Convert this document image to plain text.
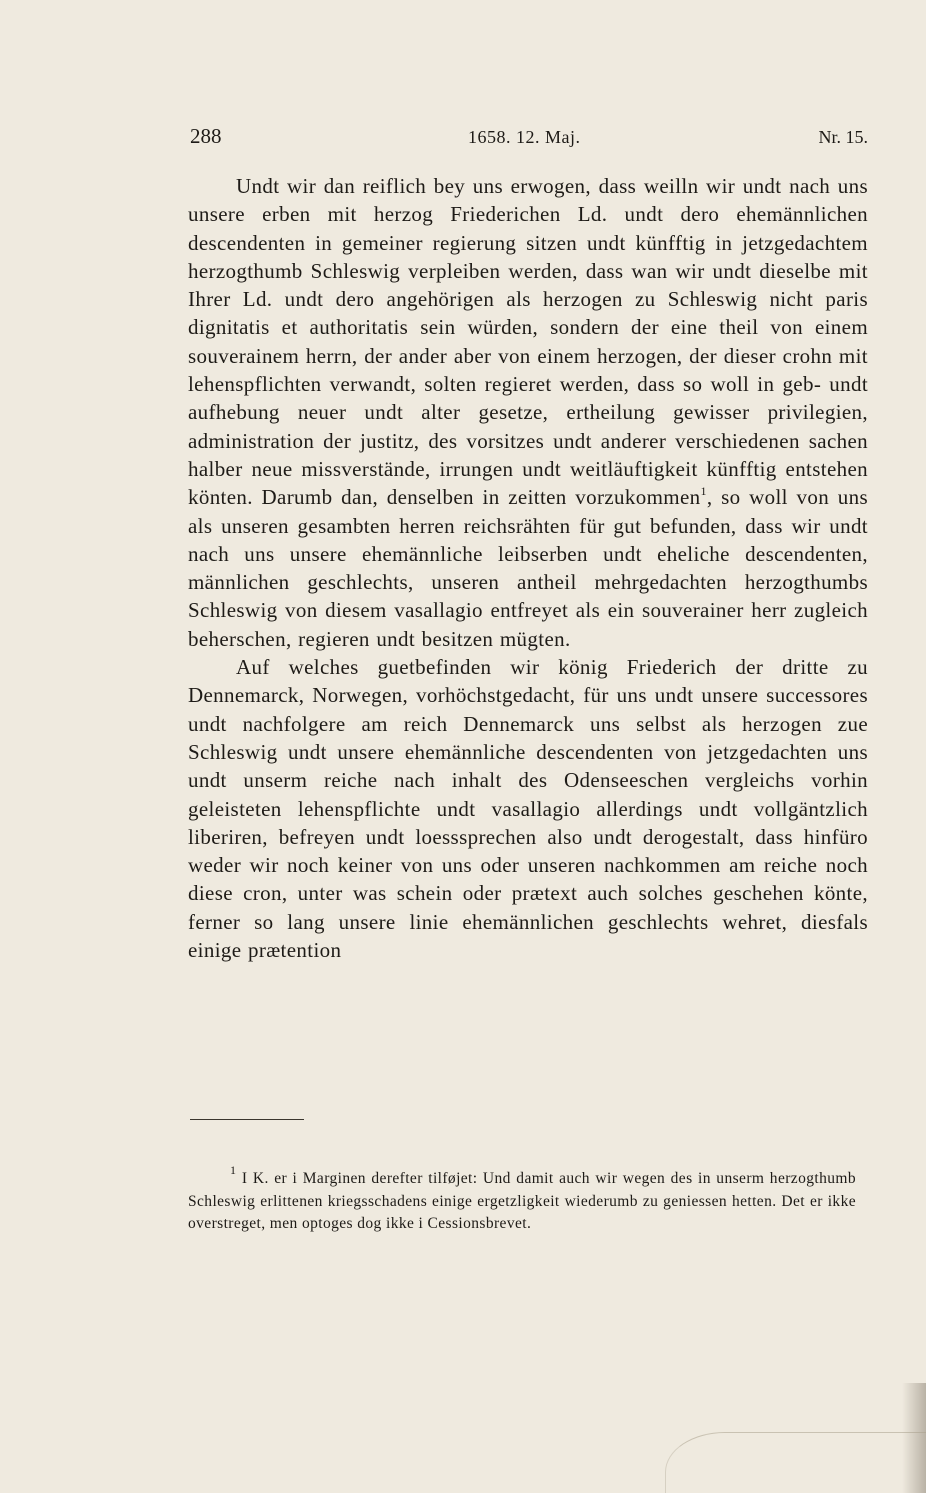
288	1658. 12. Maj.	Nr. 15.

Undt wir dan reiflich bey uns erwogen, dass weilln wir undt nach uns unsere erben mit herzog Friederichen Ld. undt dero ehemännlichen descendenten in gemeiner regierung sitzen undt künfftig in jetzgedachtem herzogthumb Schleswig verpleiben werden, dass wan wir undt dieselbe mit Ihrer Ld. undt dero angehörigen als herzogen zu Schleswig nicht paris dignitatis et authoritatis sein würden, sondern der eine theil von einem souverainem herrn, der ander aber von einem herzogen, der dieser crohn mit lehenspflichten verwandt, solten regieret werden, dass so woll in geb- undt aufhebung neuer undt alter gesetze, ertheilung gewisser privilegien, administration der justitz, des vorsitzes undt anderer verschiedenen sachen halber neue missverstände, irrungen undt weitläuftigkeit künfftig entstehen könten. Darumb dan, denselben in zeitten vorzukommen$^1$, so woll von uns als unseren gesambten herren reichsrähten für gut befunden, dass wir undt nach uns unsere ehemännliche leibserben undt eheliche descendenten, männlichen geschlechts, unseren antheil mehrgedachten herzogthumbs Schleswig von diesem vasallagio entfreyet als ein souverainer herr zugleich beherschen, regieren undt besitzen mügten.

Auf welches guetbefinden wir könig Friederich der dritte zu Dennemarck, Norwegen, vorhöchstgedacht, für uns undt unsere successores undt nachfolgere am reich Dennemarck uns selbst als herzogen zue Schleswig undt unsere ehemännliche descendenten von jetzgedachten uns undt unserm reiche nach inhalt des Odenseeschen vergleichs vorhin geleisteten lehenspflichte undt vasallagio allerdings undt vollgäntzlich liberiren, befreyen undt loesssprechen also undt derogestalt, dass hinfüro weder wir noch keiner von uns oder unseren nachkommen am reiche noch diese cron, unter was schein oder prætext auch solches geschehen könte, ferner so lang unsere linie ehemännlichen geschlechts wehret, diesfals einige prætention

$^1$ I K. er i Marginen derefter tilføjet: Und damit auch wir wegen des in unserm herzogthumb Schleswig erlittenen kriegsschadens einige ergetzligkeit wiederumb zu geniessen hetten. Det er ikke overstreget, men optoges dog ikke i Cessionsbrevet.
